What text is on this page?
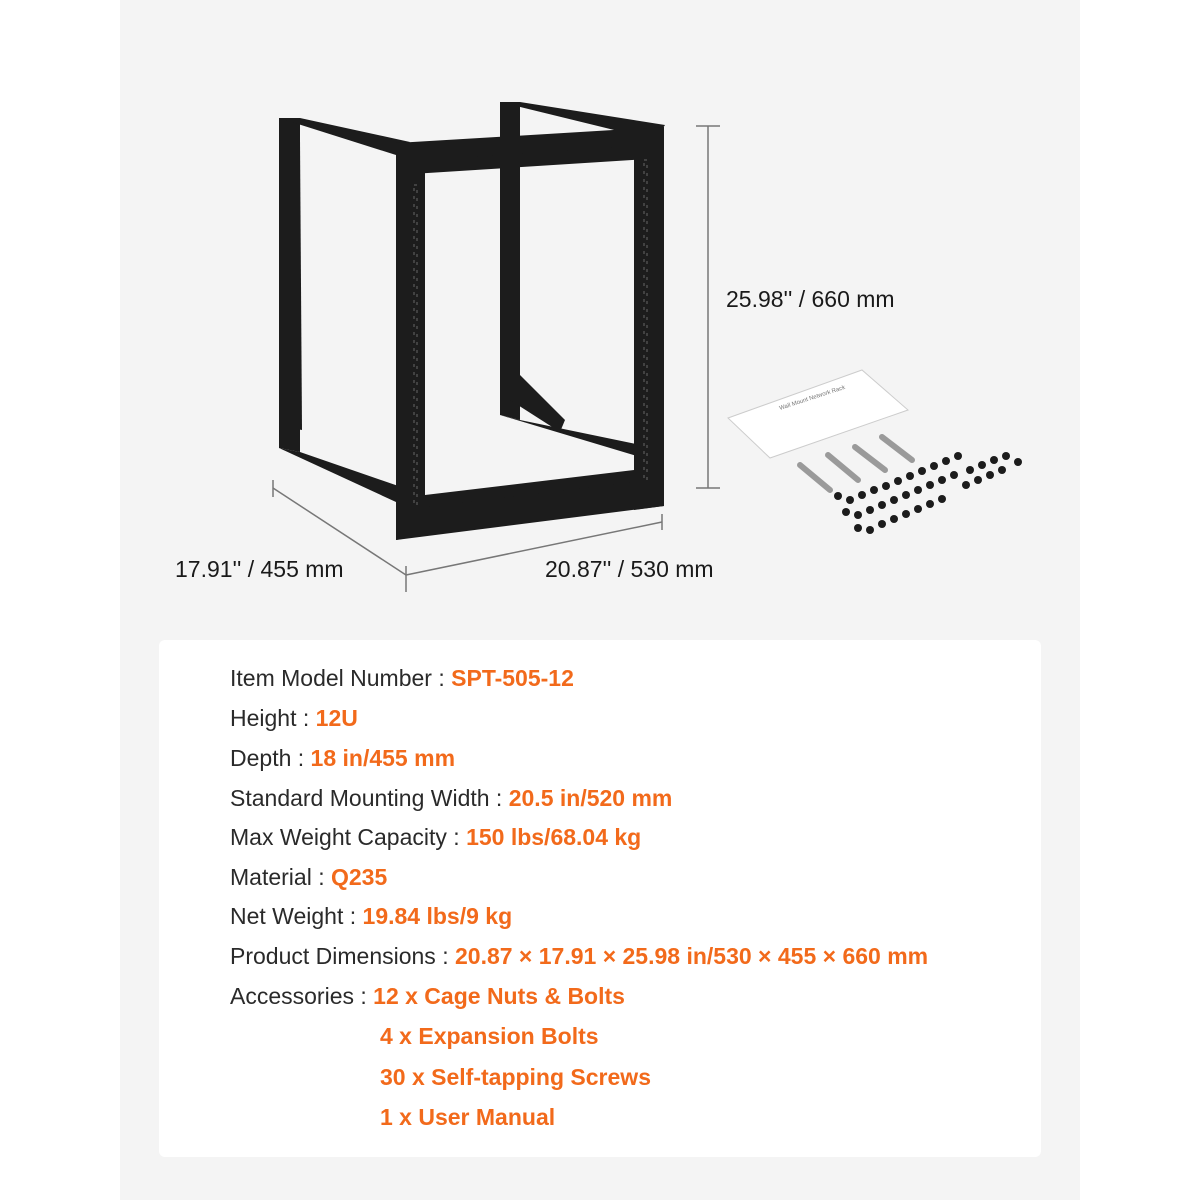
Wall Mount Network Rack
25.98'' / 660 mm
17.91'' / 455 mm	20.87'' / 530 mm
Item Model Number : SPT-505-12
Height : 12U
Depth : 18 in/455 mm
Standard Mounting Width : 20.5 in/520 mm
Max Weight Capacity : 150 lbs/68.04 kg
Material : Q235
Net Weight : 19.84 lbs/9 kg
Product Dimensions : 20.87 × 17.91 × 25.98 in/530 × 455 × 660 mm
Accessories : 12 x Cage Nuts & Bolts
4 x Expansion Bolts
30 x Self-tapping Screws
1 x User Manual
